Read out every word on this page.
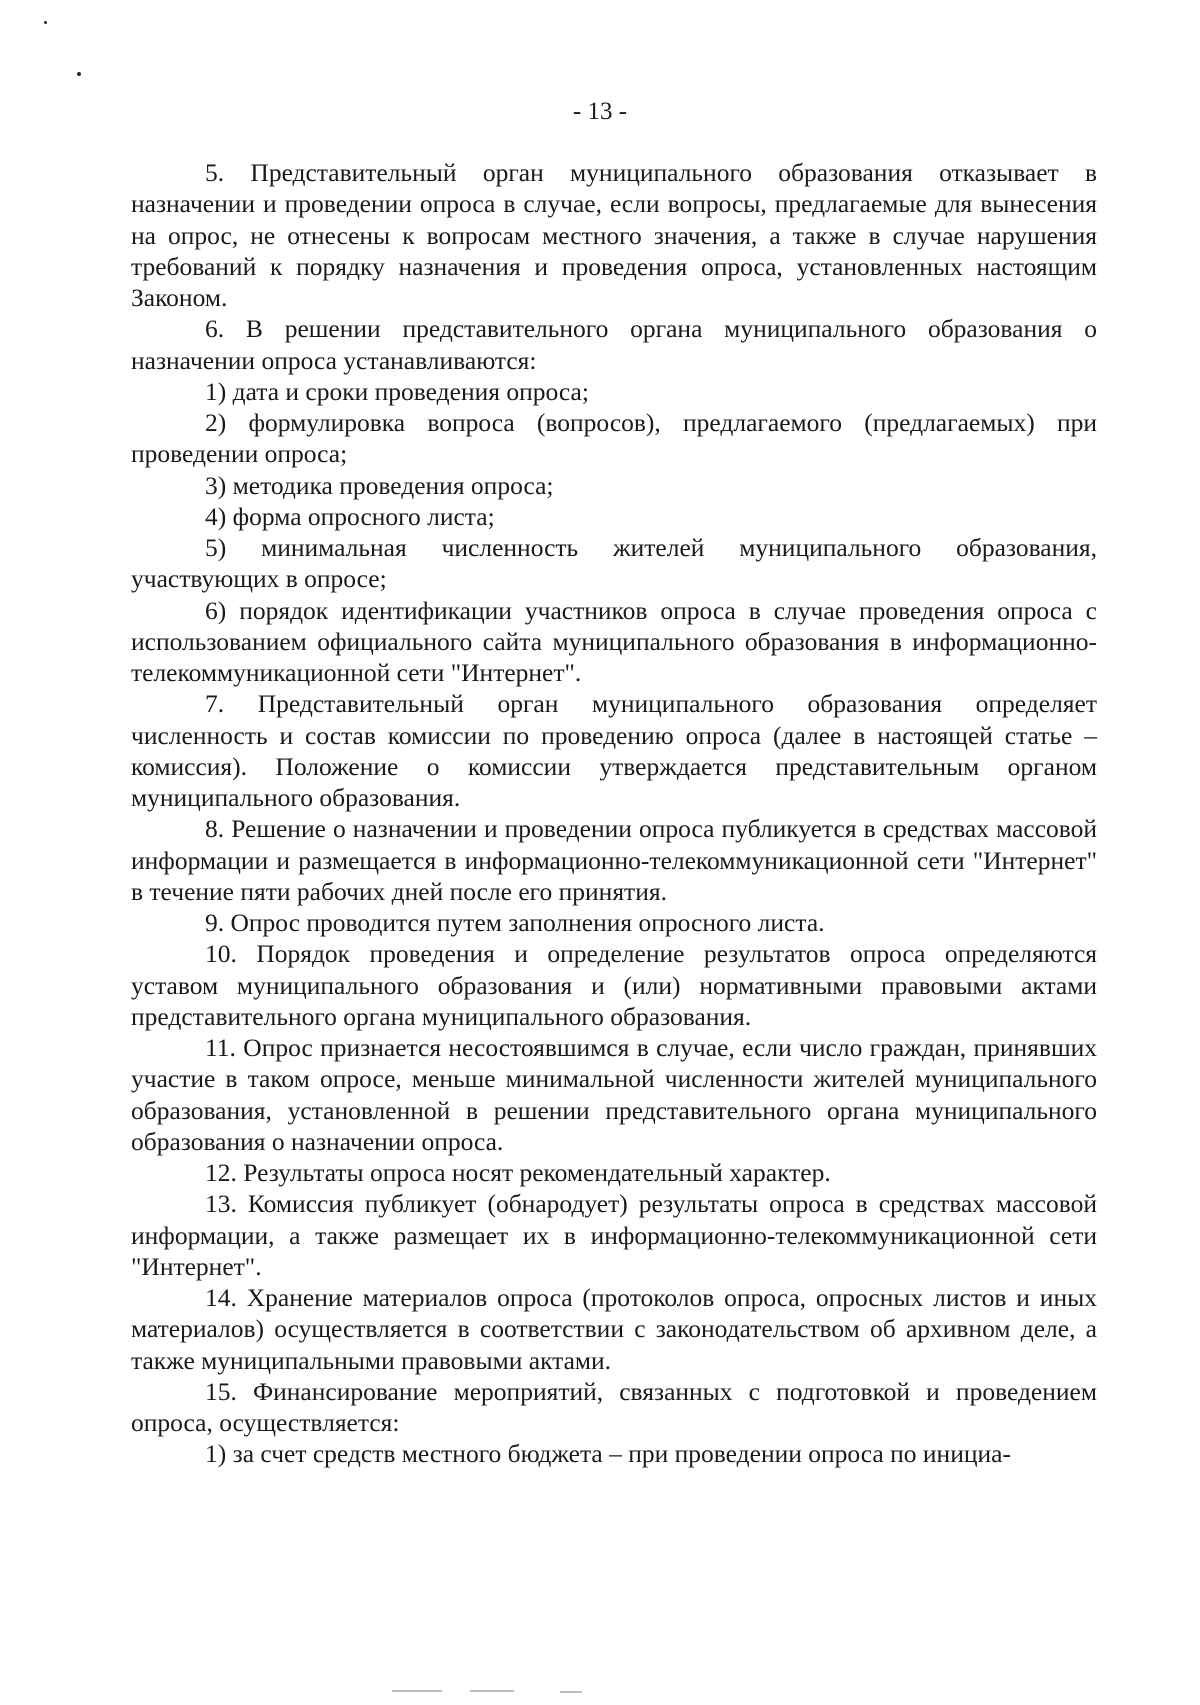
- 13 -

5. Представительный орган муниципального образования отказывает в назначении и проведении опроса в случае, если вопросы, предлагаемые для вынесения на опрос, не отнесены к вопросам местного значения, а также в случае нарушения требований к порядку назначения и проведения опроса, установленных настоящим Законом.

6. В решении представительного органа муниципального образования о назначении опроса устанавливаются:

1) дата и сроки проведения опроса;

2) формулировка вопроса (вопросов), предлагаемого (предлагаемых) при проведении опроса;

3) методика проведения опроса;

4) форма опросного листа;

5) минимальная численность жителей муниципального образования, участвующих в опросе;

6) порядок идентификации участников опроса в случае проведения опроса с использованием официального сайта муниципального образования в информационно-телекоммуникационной сети "Интернет".

7. Представительный орган муниципального образования определяет численность и состав комиссии по проведению опроса (далее в настоящей статье – комиссия). Положение о комиссии утверждается представительным органом муниципального образования.

8. Решение о назначении и проведении опроса публикуется в средствах массовой информации и размещается в информационно-телекоммуникационной сети "Интернет" в течение пяти рабочих дней после его принятия.

9. Опрос проводится путем заполнения опросного листа.

10. Порядок проведения и определение результатов опроса определяются уставом муниципального образования и (или) нормативными правовыми актами представительного органа муниципального образования.

11. Опрос признается несостоявшимся в случае, если число граждан, принявших участие в таком опросе, меньше минимальной численности жителей муниципального образования, установленной в решении представительного органа муниципального образования о назначении опроса.

12. Результаты опроса носят рекомендательный характер.

13. Комиссия публикует (обнародует) результаты опроса в средствах массовой информации, а также размещает их в информационно-телекоммуникационной сети "Интернет".

14. Хранение материалов опроса (протоколов опроса, опросных листов и иных материалов) осуществляется в соответствии с законодательством об архивном деле, а также муниципальными правовыми актами.

15. Финансирование мероприятий, связанных с подготовкой и проведением опроса, осуществляется:

1) за счет средств местного бюджета – при проведении опроса по инициа-
